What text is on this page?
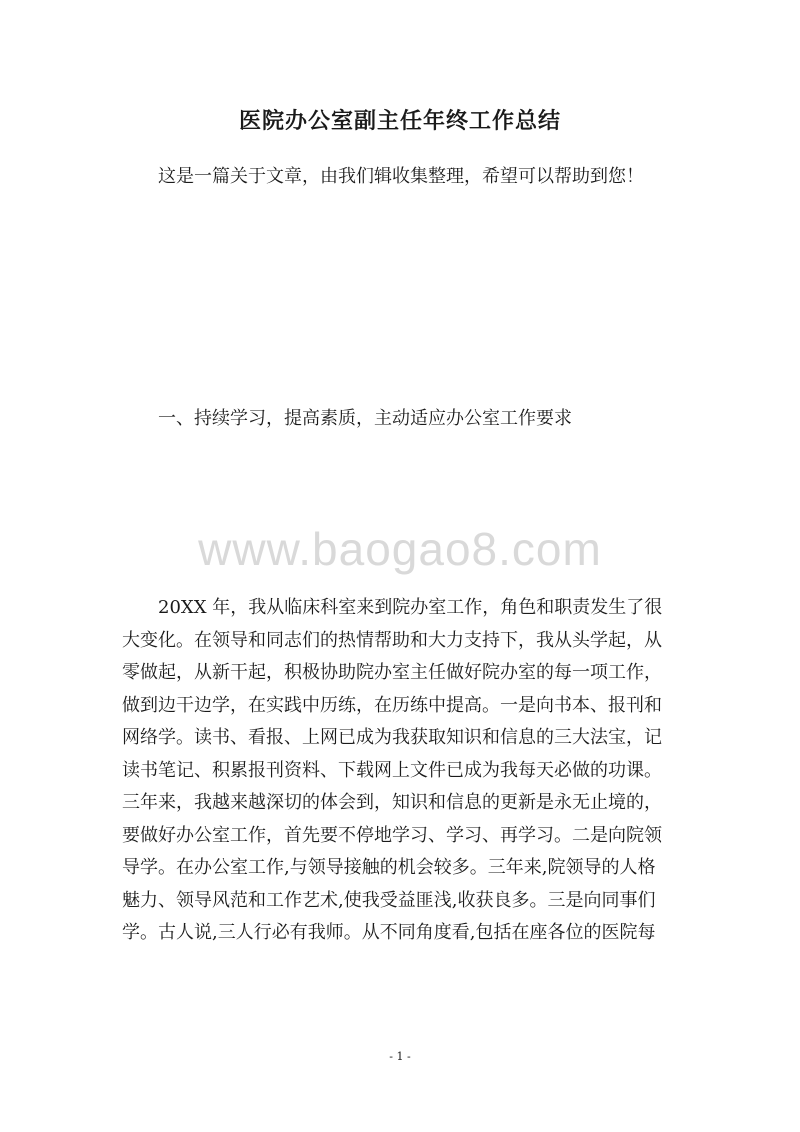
医院办公室副主任年终工作总结

这是一篇关于文章，由我们辑收集整理，希望可以帮助到您！

一、持续学习，提高素质，主动适应办公室工作要求

www.baogao8.com

　　20XX 年，我从临床科室来到院办室工作，角色和职责发生了很
大变化。在领导和同志们的热情帮助和大力支持下，我从头学起，从
零做起，从新干起，积极协助院办室主任做好院办室的每一项工作，
做到边干边学，在实践中历练，在历练中提高。一是向书本、报刊和
网络学。读书、看报、上网已成为我获取知识和信息的三大法宝，记
读书笔记、积累报刊资料、下载网上文件已成为我每天必做的功课。
三年来，我越来越深切的体会到，知识和信息的更新是永无止境的，
要做好办公室工作，首先要不停地学习、学习、再学习。二是向院领
导学。在办公室工作,与领导接触的机会较多。三年来,院领导的人格
魅力、领导风范和工作艺术,使我受益匪浅,收获良多。三是向同事们
学。古人说,三人行必有我师。从不同角度看,包括在座各位的医院每

- 1 -
